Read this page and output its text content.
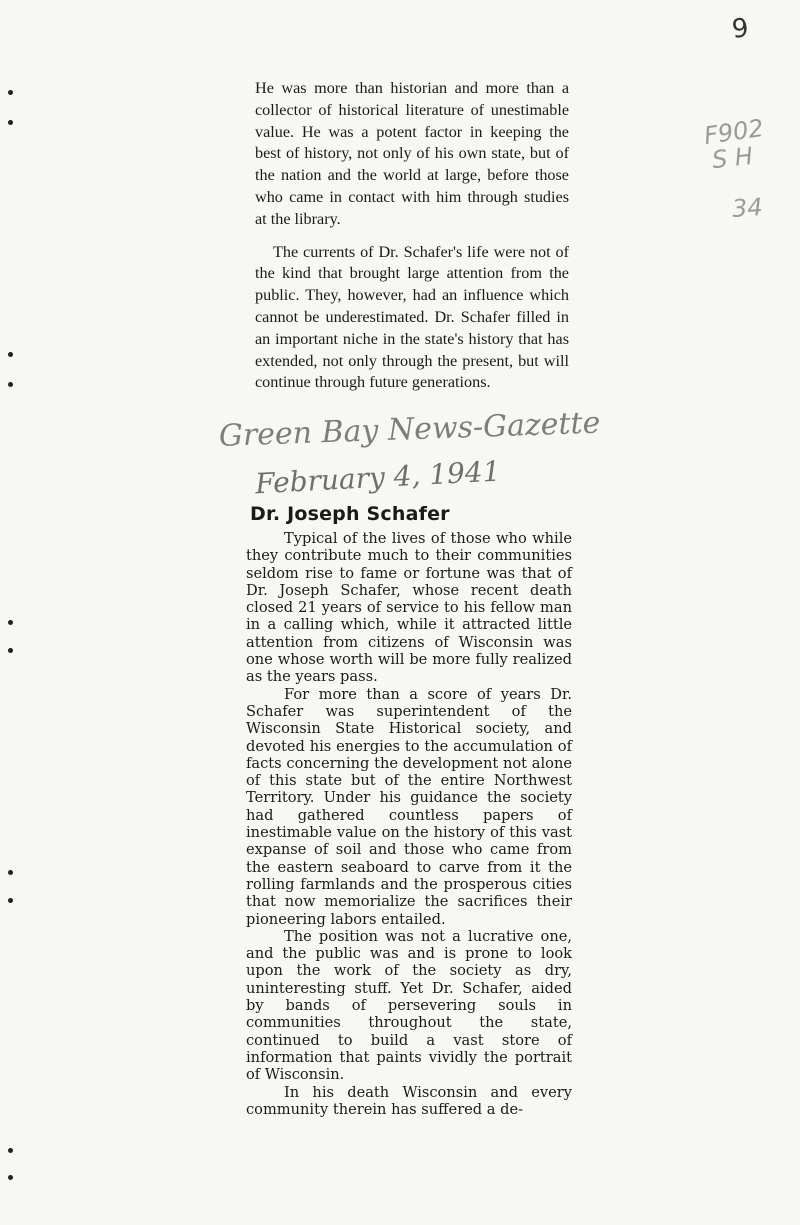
9
F902
S H
34

He was more than historian and more than a collector of historical literature of unestimable value. He was a potent factor in keeping the best of history, not only of his own state, but of the nation and the world at large, before those who came in contact with him through studies at the library.

The currents of Dr. Schafer's life were not of the kind that brought large attention from the public. They, however, had an influence which cannot be underestimated. Dr. Schafer filled in an important niche in the state's history that has extended, not only through the present, but will continue through future generations.

Green Bay News-Gazette
February 4, 1941
Dr. Joseph Schafer

Typical of the lives of those who while they contribute much to their communities seldom rise to fame or fortune was that of Dr. Joseph Schafer, whose recent death closed 21 years of service to his fellow man in a calling which, while it attracted little attention from citizens of Wisconsin was one whose worth will be more fully realized as the years pass.

For more than a score of years Dr. Schafer was superintendent of the Wisconsin State Historical society, and devoted his energies to the accumulation of facts concerning the development not alone of this state but of the entire Northwest Territory. Under his guidance the society had gathered countless papers of inestimable value on the history of this vast expanse of soil and those who came from the eastern seaboard to carve from it the rolling farmlands and the prosperous cities that now memorialize the sacrifices their pioneering labors entailed.

The position was not a lucrative one, and the public was and is prone to look upon the work of the society as dry, uninteresting stuff. Yet Dr. Schafer, aided by bands of persevering souls in communities throughout the state, continued to build a vast store of information that paints vividly the portrait of Wisconsin.

In his death Wisconsin and every community therein has suffered a de-
